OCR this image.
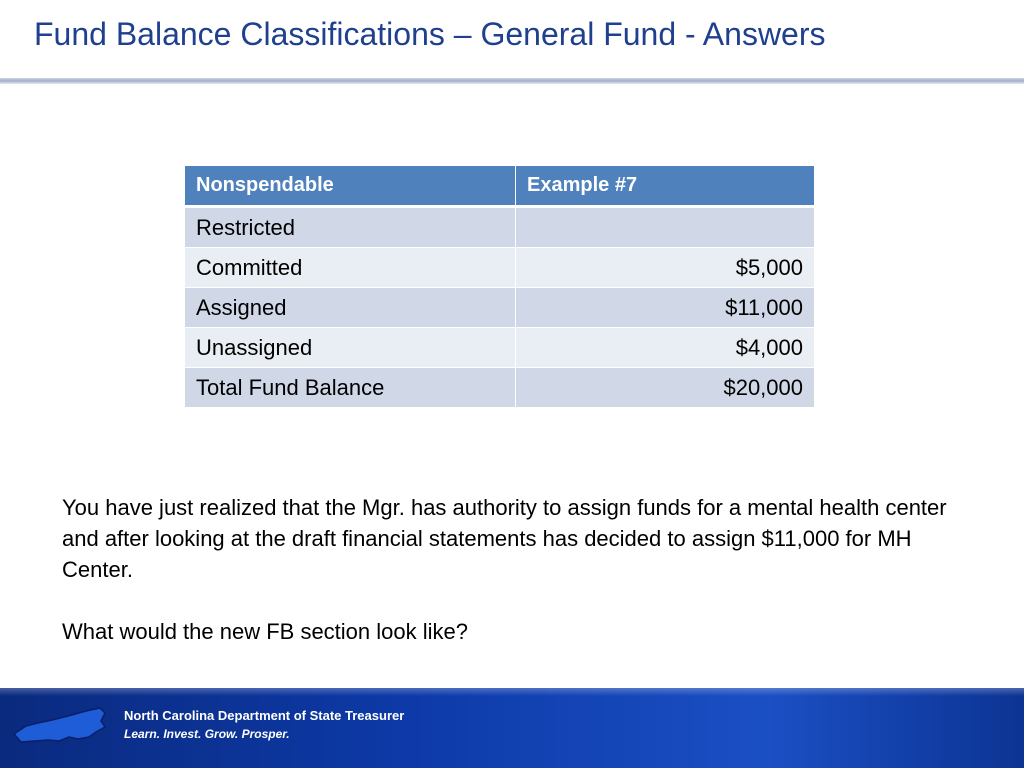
Fund Balance Classifications – General Fund - Answers
Nonspendable	Example #7
Restricted	
Committed	$5,000
Assigned	$11,000
Unassigned	$4,000
Total Fund Balance	$20,000

You have just realized that the Mgr. has authority to assign funds for a mental health center and after looking at the draft financial statements has decided to assign $11,000 for MH Center.

What would the new FB section look like?

North Carolina Department of State Treasurer
Learn. Invest. Grow. Prosper.
